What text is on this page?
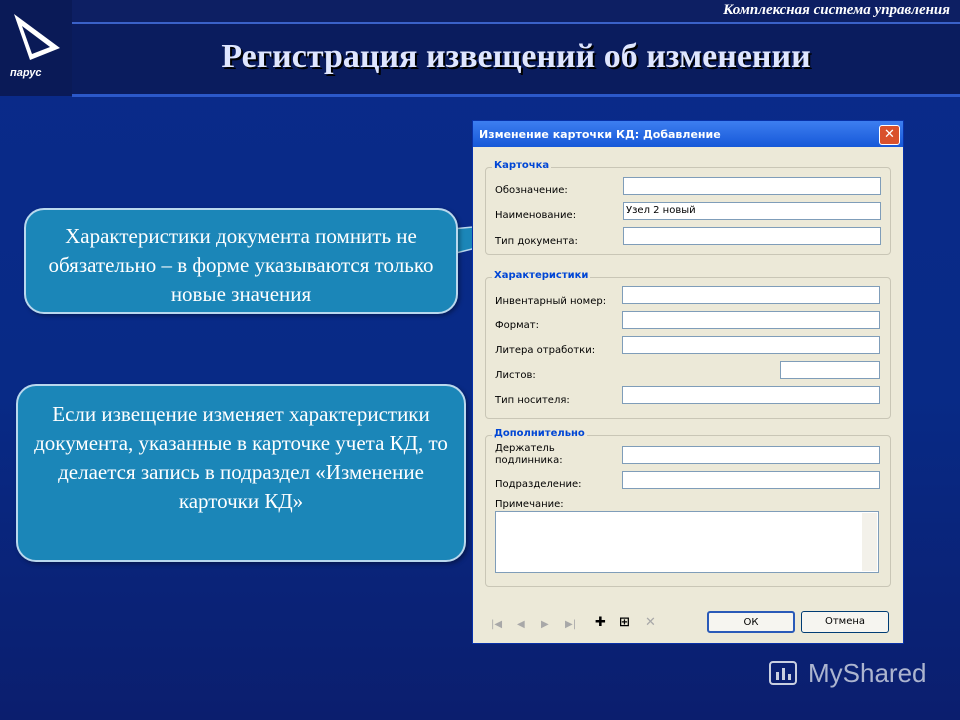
парус
Комплексная система управления
Регистрация извещений об изменении
Характеристики документа помнить не обязательно – в форме указываются только новые значения
Если извещение изменяет характеристики документа, указанные в карточке учета КД, то делается запись в подраздел «Изменение карточки КД»
Изменение карточки КД: Добавление	✕
Карточка
Обозначение:
Наименование:	Узел 2 новый
Тип документа:
Характеристики
Инвентарный номер:
Формат:
Литера отработки:
Листов:
Тип носителя:
Дополнительно
Держатель
подлинника:
Подразделение:
Примечание:
|◀ ◀ ▶ ▶| ✚ ⊞ ✕	ОК	Отмена
MyShared
